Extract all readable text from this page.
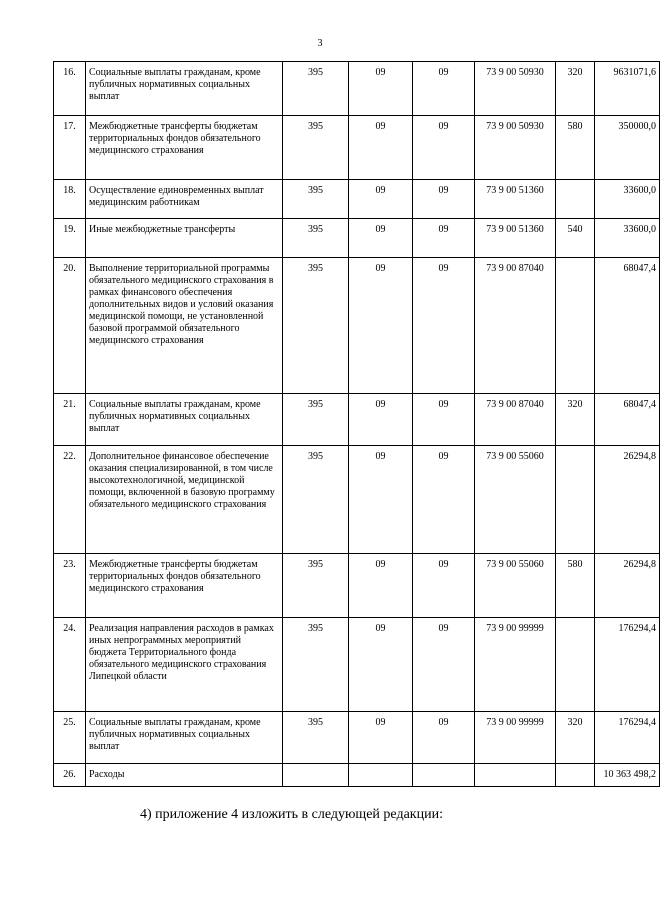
3
16.	Социальные выплаты гражданам, кроме публичных нормативных социальных выплат	395	09	09	73 9 00 50930	320	9631071,6
17.	Межбюджетные трансферты бюджетам территориальных фондов обязательного медицинского страхования	395	09	09	73 9 00 50930	580	350000,0
18.	Осуществление единовременных выплат медицинским работникам	395	09	09	73 9 00 51360		33600,0
19.	Иные межбюджетные трансферты	395	09	09	73 9 00 51360	540	33600,0
20.	Выполнение территориальной программы обязательного медицинского страхования в рамках финансового обеспечения дополнительных видов и условий оказания медицинской помощи, не установленной базовой программой обязательного медицинского страхования	395	09	09	73 9 00 87040		68047,4
21.	Социальные выплаты гражданам, кроме публичных нормативных социальных выплат	395	09	09	73 9 00 87040	320	68047,4
22.	Дополнительное финансовое обеспечение оказания специализированной, в том числе высокотехнологичной, медицинской помощи, включенной в базовую программу обязательного медицинского страхования	395	09	09	73 9 00 55060		26294,8
23.	Межбюджетные трансферты бюджетам территориальных фондов обязательного медицинского страхования	395	09	09	73 9 00 55060	580	26294,8
24.	Реализация направления расходов в рамках иных непрограммных мероприятий бюджета Территориального фонда обязательного медицинского страхования Липецкой области	395	09	09	73 9 00 99999		176294,4
25.	Социальные выплаты гражданам, кроме публичных нормативных социальных выплат	395	09	09	73 9 00 99999	320	176294,4
26.	Расходы						10 363 498,2
4) приложение 4 изложить в следующей редакции:
